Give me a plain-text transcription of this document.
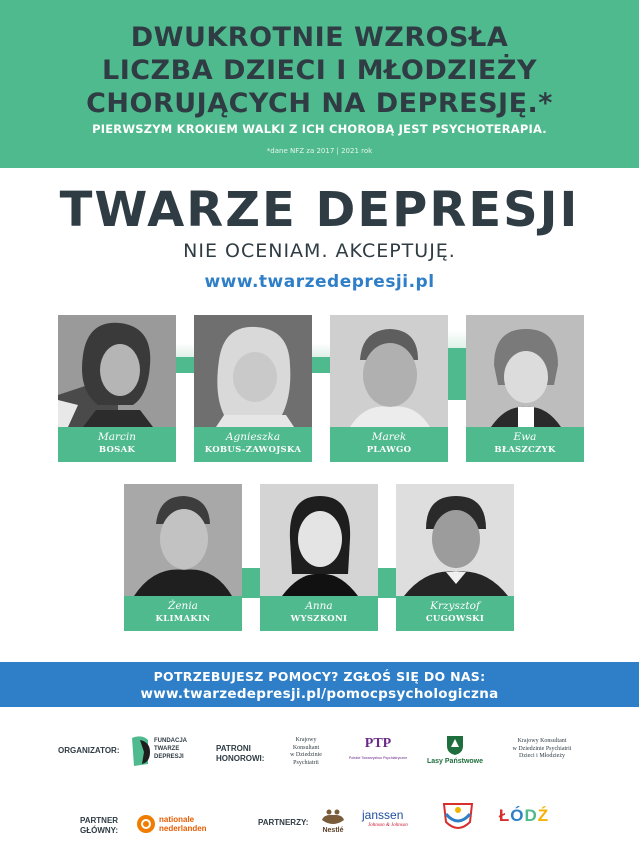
DWUKROTNIE WZROSŁA
LICZBA DZIECI I MŁODZIEŻY
CHORUJĄCYCH NA DEPRESJĘ.*
PIERWSZYM KROKIEM WALKI Z ICH CHOROBĄ JEST PSYCHOTERAPIA.
*dane NFZ za 2017 | 2021 rok
TWARZE DEPRESJI
NIE OCENIAM. AKCEPTUJĘ.
www.twarzedepresji.pl
Marcin
BOSAK
Agnieszka
KOBUS-ZAWOJSKA
Marek
PLAWGO
Ewa
BŁASZCZYK
Żenia
KLIMAKIN
Anna
WYSZKONI
Krzysztof
CUGOWSKI
POTRZEBUJESZ POMOCY? ZGŁOŚ SIĘ DO NAS:
www.twarzedepresji.pl/pomocpsychologiczna
ORGANIZATOR:
FUNDACJA
TWARZE
DEPRESJI
PATRONI
HONOROWI:
Krajowy
Konsultant
w Dziedzinie
Psychiatrii
PTP
Polskie Towarzystwo Psychiatryczne	Lasy Państwowe
Krajowy Konsultant
w Dziedzinie Psychiatrii
Dzieci i Młodzieży
PARTNER
GŁÓWNY:
nationale
nederlanden
PARTNERZY:
Nestlé
janssen
Johnson & Johnson
ŁÓDŹ
